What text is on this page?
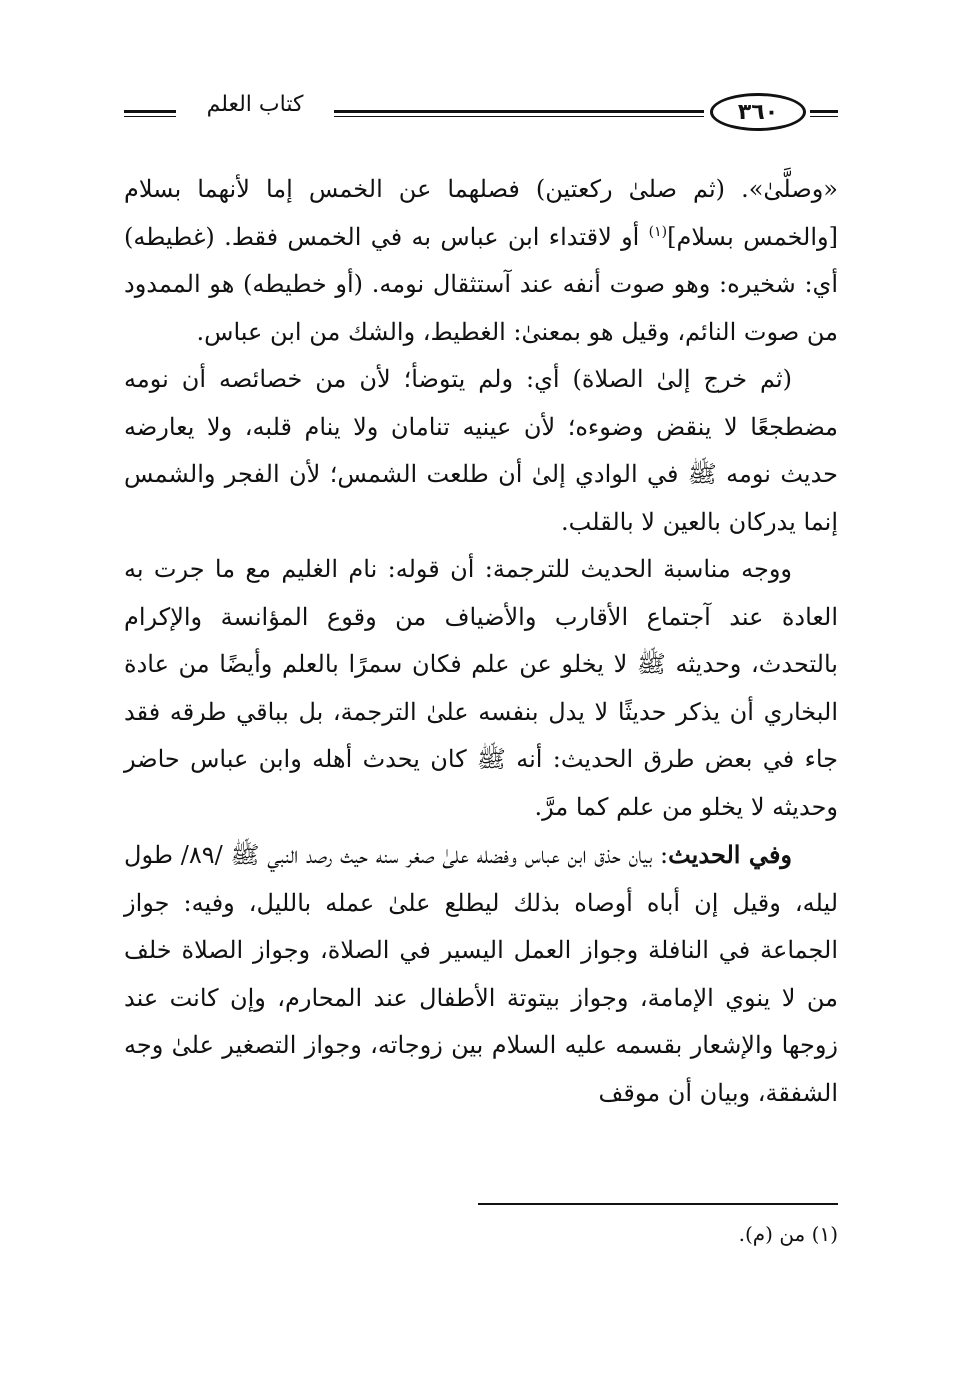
كتاب العلم	٣٦٠

«وصلَّىٰ». (ثم صلىٰ ركعتين) فصلهما عن الخمس إما لأنهما بسلام [والخمس بسلام]$^{(١)}$ أو لاقتداء ابن عباس به في الخمس فقط. (غطيطه) أي: شخيره: وهو صوت أنفه عند آستثقال نومه. (أو خطيطه) هو الممدود من صوت النائم، وقيل هو بمعنىٰ: الغطيط، والشك من ابن عباس.

(ثم خرج إلىٰ الصلاة) أي: ولم يتوضأ؛ لأن من خصائصه أن نومه مضطجعًا لا ينقض وضوءه؛ لأن عينيه تنامان ولا ينام قلبه، ولا يعارضه حديث نومه ﷺ في الوادي إلىٰ أن طلعت الشمس؛ لأن الفجر والشمس إنما يدركان بالعين لا بالقلب.

ووجه مناسبة الحديث للترجمة: أن قوله: نام الغليم مع ما جرت به العادة عند آجتماع الأقارب والأضياف من وقوع المؤانسة والإكرام بالتحدث، وحديثه ﷺ لا يخلو عن علم فكان سمرًا بالعلم وأيضًا من عادة البخاري أن يذكر حديثًا لا يدل بنفسه علىٰ الترجمة، بل بباقي طرقه فقد جاء في بعض طرق الحديث: أنه ﷺ كان يحدث أهله وابن عباس حاضر وحديثه لا يخلو من علم كما مرَّ.

وفي الحديث: بيان حذق ابن عباس وفضله علىٰ صغر سنه حيث رصد النبي ﷺ /٨٩/ طول ليله، وقيل إن أباه أوصاه بذلك ليطلع علىٰ عمله بالليل، وفيه: جواز الجماعة في النافلة وجواز العمل اليسير في الصلاة، وجواز الصلاة خلف من لا ينوي الإمامة، وجواز بيتوتة الأطفال عند المحارم، وإن كانت عند زوجها والإشعار بقسمه عليه السلام بين زوجاته، وجواز التصغير علىٰ وجه الشفقة، وبيان أن موقف

(١) من (م).
